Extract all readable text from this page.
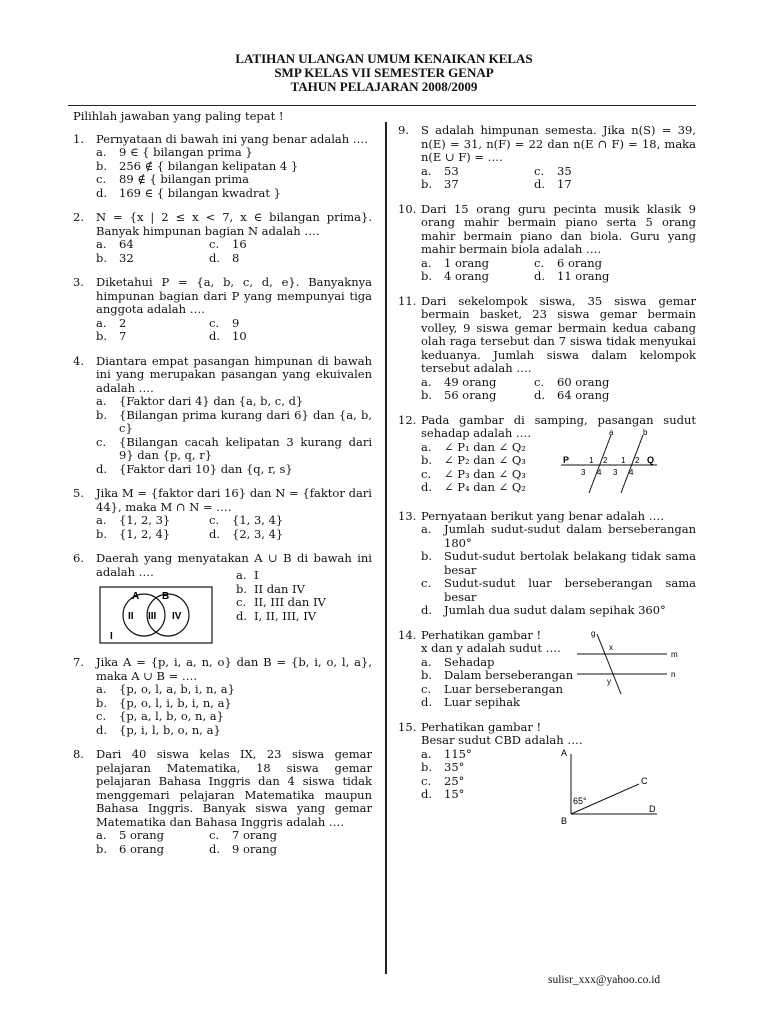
LATIHAN ULANGAN UMUM KENAIKAN KELAS
SMP KELAS VII SEMESTER GENAP
TAHUN PELAJARAN 2008/2009
Pilihlah jawaban yang paling tepat !
1.	Pernyataan di bawah ini yang benar adalah ….
a.	9 ∈ { bilangan prima }
b.	256 ∉ { bilangan kelipatan 4 }
c.	89 ∉ { bilangan prima
d.	169 ∈ { bilangan kwadrat }
2.	N = {x | 2 ≤ x < 7, x ∈ bilangan prima}. Banyak himpunan bagian N adalah ….
a.	64	c.	16
b.	32	d.	8
3.	Diketahui P = {a, b, c, d, e}. Banyaknya himpunan bagian dari P yang mempunyai tiga anggota adalah ….
a.	2	c.	9
b.	7	d.	10
4.	Diantara empat pasangan himpunan di bawah ini yang merupakan pasangan yang ekuivalen adalah ….
a.	{Faktor dari 4} dan {a, b, c, d}
b.	{Bilangan prima kurang dari 6} dan {a, b, c}
c.	{Bilangan cacah kelipatan 3 kurang dari 9} dan {p, q, r}
d.	{Faktor dari 10} dan {q, r, s}
5.	Jika M = {faktor dari 16} dan N = {faktor dari 44}, maka M ∩ N = ….
a.	{1, 2, 3}	c.	{1, 3, 4}
b.	{1, 2, 4}	d.	{2, 3, 4}
6.	Daerah yang menyatakan A ∪ B di bawah ini adalah ….
A B
II III IV
I
a. I
b. II dan IV
c. II, III dan IV
d. I, II, III, IV
7.	Jika A = {p, i, a, n, o} dan B = {b, i, o, l, a}, maka A ∪ B = ….
a.	{p, o, l, a, b, i, n, a}
b.	{p, o, l, i, b, i, n, a}
c.	{p, a, l, b, o, n, a}
d.	{p, i, l, b, o, n, a}
8.	Dari 40 siswa kelas IX, 23 siswa gemar pelajaran Matematika, 18 siswa gemar pelajaran Bahasa Inggris dan 4 siswa tidak menggemari pelajaran Matematika maupun Bahasa Inggris. Banyak siswa yang gemar Matematika dan Bahasa Inggris adalah ….
a.	5 orang	c.	7 orang
b.	6 orang	d.	9 orang
9.	S adalah himpunan semesta. Jika n(S) = 39, n(E) = 31, n(F) = 22 dan n(E ∩ F) = 18, maka n(E ∪ F) = ….
a.	53	c.	35
b.	37	d.	17
10. Dari 15 orang guru pecinta musik klasik 9 orang mahir bermain piano serta 5 orang mahir bermain piano dan biola. Guru yang mahir bermain biola adalah ….
a.	1 orang	c.	6 orang
b.	4 orang	d.	11 orang
11. Dari sekelompok siswa, 35 siswa gemar bermain basket, 23 siswa gemar bermain volley, 9 siswa gemar bermain kedua cabang olah raga tersebut dan 7 siswa tidak menyukai keduanya. Jumlah siswa dalam kelompok tersebut adalah ….
a.	49 orang	c.	60 orang
b.	56 orang	d.	64 orang
12. Pada gambar di samping, pasangan sudut sehadap adalah ….
a.	∠ P₁ dan ∠ Q₂
b.	∠ P₂ dan ∠ Q₃
c.	∠ P₃ dan ∠ Q₃
d.	∠ P₄ dan ∠ Q₂
a	b
P	Q
1 2
3 4
1 2
3 4
13. Pernyataan berikut yang benar adalah ….
a.	Jumlah sudut-sudut dalam berseberangan 180°
b.	Sudut-sudut bertolak belakang tidak sama besar
c.	Sudut-sudut luar berseberangan sama besar
d.	Jumlah dua sudut dalam sepihak 360°
14. Perhatikan gambar !
x dan y adalah sudut ….
a.	Sehadap
b.	Dalam berseberangan
c.	Luar berseberangan
d.	Luar sepihak
g
x
y
m
n
15. Perhatikan gambar !
Besar sudut CBD adalah ….
a.	115°
b.	35°
c.	25°
d.	15°
A
B
C
D
65°
sulisr_xxx@yahoo.co.id
